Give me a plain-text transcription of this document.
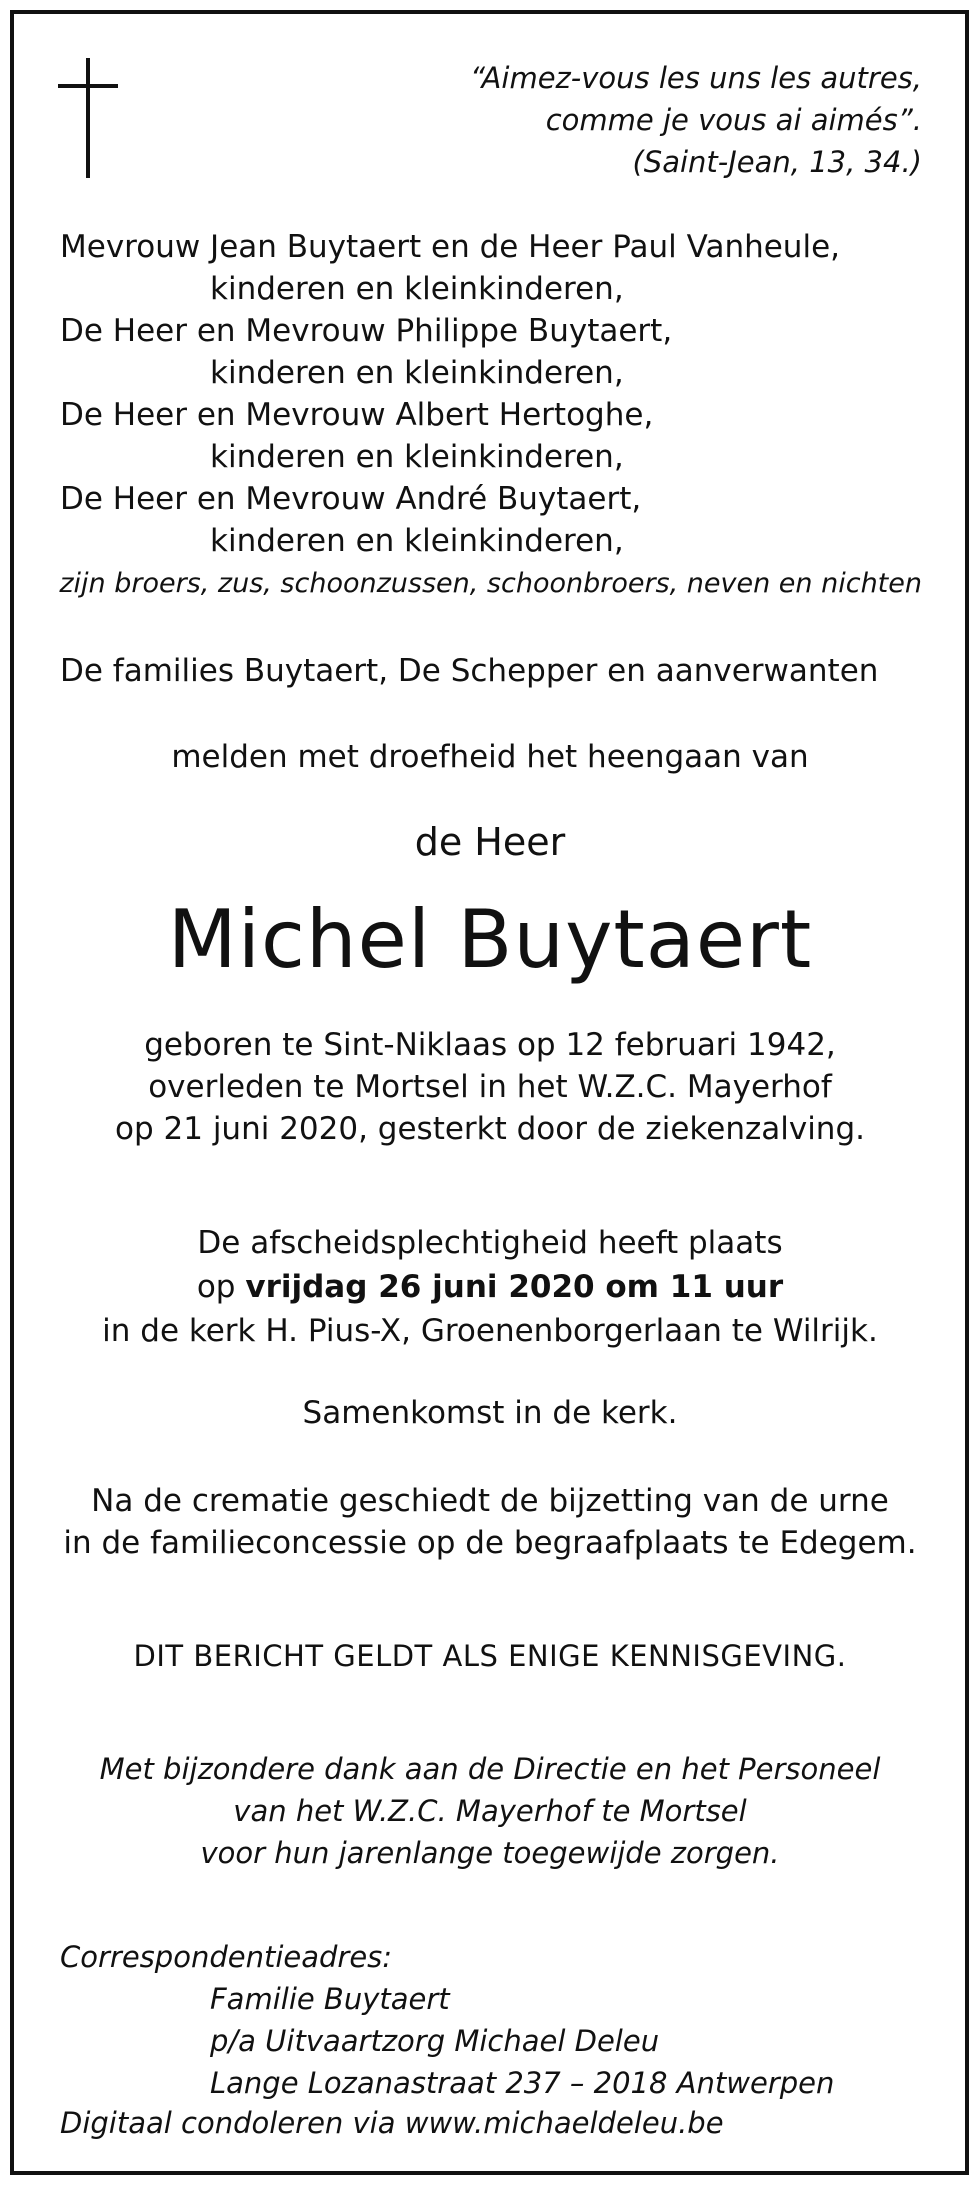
“Aimez-vous les uns les autres,
comme je vous ai aimés”.
(Saint-Jean, 13, 34.)
Mevrouw Jean Buytaert en de Heer Paul Vanheule,
kinderen en kleinkinderen,
De Heer en Mevrouw Philippe Buytaert,
kinderen en kleinkinderen,
De Heer en Mevrouw Albert Hertoghe,
kinderen en kleinkinderen,
De Heer en Mevrouw André Buytaert,
kinderen en kleinkinderen,
zijn broers, zus, schoonzussen, schoonbroers, neven en nichten
De families Buytaert, De Schepper en aanverwanten
melden met droefheid het heengaan van
de Heer
Michel Buytaert
geboren te Sint-Niklaas op 12 februari 1942,
overleden te Mortsel in het W.Z.C. Mayerhof
op 21 juni 2020, gesterkt door de ziekenzalving.
De afscheidsplechtigheid heeft plaats
op vrijdag 26 juni 2020 om 11 uur
in de kerk H. Pius-X, Groenenborgerlaan te Wilrijk.
Samenkomst in de kerk.
Na de crematie geschiedt de bijzetting van de urne
in de familieconcessie op de begraafplaats te Edegem.
DIT BERICHT GELDT ALS ENIGE KENNISGEVING.
Met bijzondere dank aan de Directie en het Personeel
van het W.Z.C. Mayerhof te Mortsel
voor hun jarenlange toegewijde zorgen.
Correspondentieadres:
Familie Buytaert
p/a Uitvaartzorg Michael Deleu
Lange Lozanastraat 237 – 2018 Antwerpen
Digitaal condoleren via www.michaeldeleu.be
